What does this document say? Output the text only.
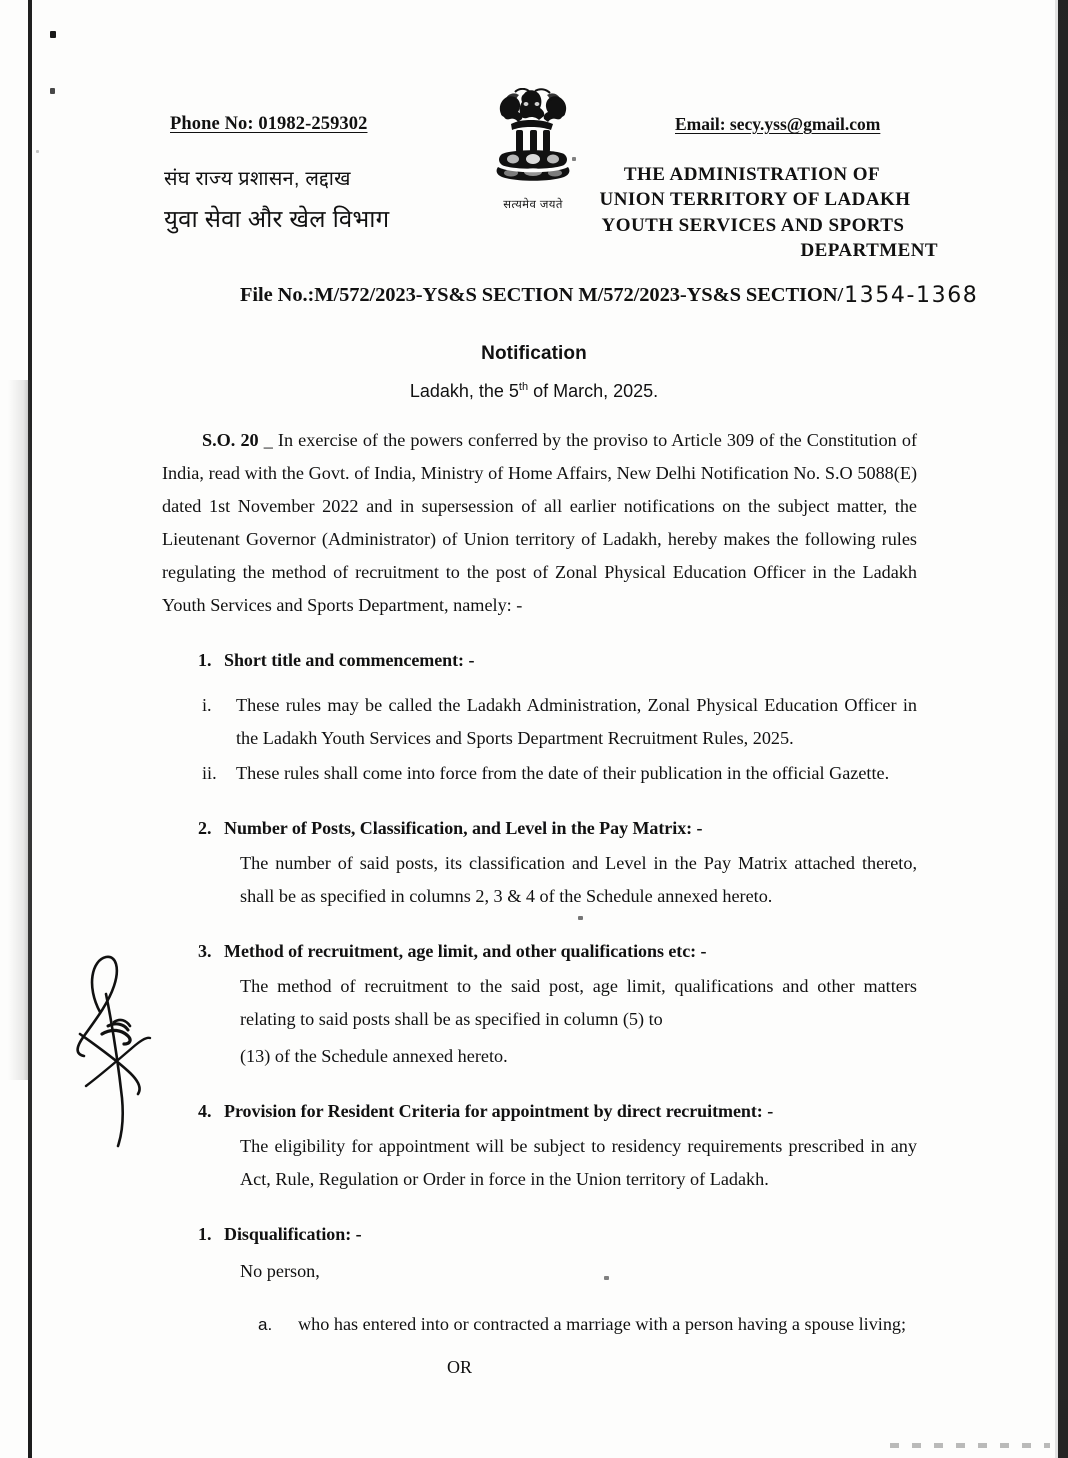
Phone No: 01982-259302	Email: secy.yss@gmail.com
संघ राज्य प्रशासन, लद्दाख
युवा सेवा और खेल विभाग
सत्यमेव जयते
THE ADMINISTRATION OF
UNION TERRITORY OF LADAKH
YOUTH SERVICES AND SPORTS
DEPARTMENT
File No.:M/572/2023-YS&S SECTION M/572/2023-YS&S SECTION/1354-1368
Notification
Ladakh, the 5th of March, 2025.
S.O. 20 _ In exercise of the powers conferred by the proviso to Article 309 of the Constitution of India, read with the Govt. of India, Ministry of Home Affairs, New Delhi Notification No. S.O 5088(E) dated 1st November 2022 and in supersession of all earlier notifications on the subject matter, the Lieutenant Governor (Administrator) of Union territory of Ladakh, hereby makes the following rules regulating the method of recruitment to the post of Zonal Physical Education Officer in the Ladakh Youth Services and Sports Department, namely: -
1. Short title and commencement: -
i.	These rules may be called the Ladakh Administration, Zonal Physical Education Officer in the Ladakh Youth Services and Sports Department Recruitment Rules, 2025.
ii.	These rules shall come into force from the date of their publication in the official Gazette.
2. Number of Posts, Classification, and Level in the Pay Matrix: -
The number of said posts, its classification and Level in the Pay Matrix attached thereto, shall be as specified in columns 2, 3 & 4 of the Schedule annexed hereto.
3. Method of recruitment, age limit, and other qualifications etc: -
The method of recruitment to the said post, age limit, qualifications and other matters relating to said posts shall be as specified in column (5) to
(13) of the Schedule annexed hereto.
4. Provision for Resident Criteria for appointment by direct recruitment: -
The eligibility for appointment will be subject to residency requirements prescribed in any Act, Rule, Regulation or Order in force in the Union territory of Ladakh.
1. Disqualification: -
No person,
a. who has entered into or contracted a marriage with a person having a spouse living;
OR
